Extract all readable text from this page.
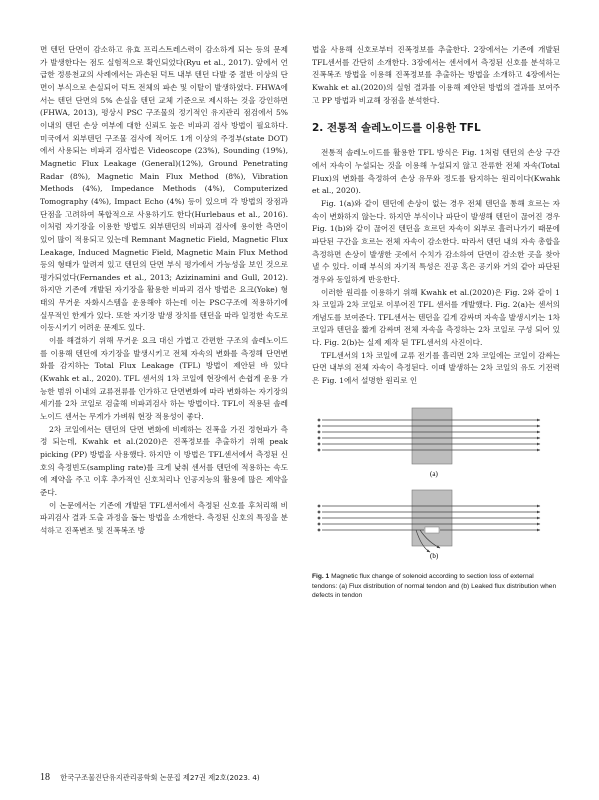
면 텐던 단면이 감소하고 유효 프리스트레스력이 감소하게 되는 등의 문제가 발생한다는 점도 실험적으로 확인되었다(Ryu et al., 2017). 앞에서 언급한 정릉천교의 사례에서는 과손된 덕트 내부 텐던 다발 중 절반 이상의 단면이 부식으로 손실되어 덕트 전체의 파손 및 이탈이 발생하였다. FHWA에서는 텐던 단면의 5% 손실을 텐던 교체 기준으로 제시하는 것을 강인하면(FHWA, 2013), 평상시 PSC 구조물의 정기적인 유지관리 점검에서 5% 이내의 텐던 손상 여부에 대한 신뢰도 높은 비파괴 검사 방법이 필요하다. 미국에서 외부텐던 구조물 검사에 적어도 1개 이상의 주정부(state DOT)에서 사용되는 비파괴 검사법은 Videoscope (23%), Sounding (19%), Magnetic Flux Leakage (General)(12%), Ground Penetrating Radar (8%), Magnetic Main Flux Method (8%), Vibration Methods (4%), Impedance Methods (4%), Computerized Tomography (4%), Impact Echo (4%) 등이 있으며 각 방법의 장점과 단점을 고려하여 복합적으로 사용하기도 한다(Hurlebaus et al., 2016). 이처럼 자기장을 이용한 방법도 외부텐던의 비파괴 검사에 용이한 측면이 있어 많이 적용되고 있는데 Remnant Magnetic Field, Magnetic Flux Leakage, Induced Magnetic Field, Magnetic Main Flux Method 등의 형태가 알려져 있고 텐던의 단면 부식 평가에서 가능성을 보인 것으로 평가되었다(Fernandes et al., 2013; Azizinamini and Gull, 2012). 하지만 기존에 개발된 자기장을 활용한 비파괴 검사 방법은 요크(Yoke) 형태의 무거운 자화시스템을 운용해야 하는데 이는 PSC구조에 적용하기에 실무적인 한계가 있다. 또한 자기장 발생 장치를 텐던을 따라 일정한 속도로 이동시키기 어려운 문제도 있다.

이를 해결하기 위해 무거운 요크 대신 가볍고 간편한 구조의 솔레노이드를 이용해 텐던에 자기장을 발생시키고 전체 자속의 변화를 측정해 단면변화를 감지하는 Total Flux Leakage (TFL) 방법이 제안된 바 있다(Kwahk et al., 2020). TFL 센서의 1차 코일에 현장에서 손쉽게 운용 가능한 범위 이내의 교류전류를 인가하고 단면변화에 따라 변화하는 자기장의 세기를 2차 코일로 검출해 비파괴검사 하는 방법이다. TFL이 적용된 솔레노이드 센서는 무게가 가벼워 현장 적용성이 좋다.

2차 코일에서는 텐던의 단면 변화에 비례하는 진폭을 가진 정현파가 측정 되는데, Kwahk et al.(2020)은 진폭정보를 추출하기 위해 peak picking (PP) 방법을 사용했다. 하지만 이 방법은 TFL센서에서 측정된 신호의 측정빈도(sampling rate)를 크게 낮춰 센서를 텐던에 적용하는 속도에 제약을 주고 이후 추가적인 신호처리나 인공지능의 활용에 많은 제약을 준다.

이 논문에서는 기존에 개발된 TFL센서에서 측정된 신호를 후처리해 비파괴검사 결과 도출 과정을 돕는 방법을 소개한다. 측정된 신호의 특징을 분석하고 진폭변조 및 진폭복조 방

법을 사용해 신호로부터 진폭정보를 추출한다. 2장에서는 기존에 개발된 TFL센서를 간단히 소개한다. 3장에서는 센서에서 측정된 신호를 분석하고 진폭복조 방법을 이용해 진폭정보를 추출하는 방법을 소개하고 4장에서는 Kwahk et al.(2020)의 실험 결과를 이용해 제안된 방법의 결과를 보여주고 PP 방법과 비교해 장점을 분석한다.

2. 전통적 솔레노이드를 이용한 TFL

전통적 솔레노이드를 활용한 TFL 방식은 Fig. 1처럼 텐던의 손상 구간에서 자속이 누설되는 것을 이용해 누설되지 않고 잔류한 전체 자속(Total Flux)의 변화를 측정하여 손상 유무와 정도를 탐지하는 원리이다(Kwahk et al., 2020).

Fig. 1(a)와 같이 텐던에 손상이 없는 경우 전체 텐던을 통해 흐르는 자속이 변화하지 않는다. 하지만 부식이나 파단이 발생해 텐던이 끊어진 경우 Fig. 1(b)와 같이 끊어진 텐던을 흐르던 자속이 외부로 흘러나가기 때문에 파단된 구간을 흐르는 전체 자속이 감소한다. 따라서 텐던 내의 자속 총합을 측정하면 손상이 발생한 곳에서 수치가 감소하여 단면이 감소한 곳을 찾아낼 수 있다. 이때 부식의 자기적 특성은 진공 혹은 공기와 거의 같아 파단된 경우와 동일하게 반응한다.

이러한 원리를 이용하기 위해 Kwahk et al.(2020)은 Fig. 2와 같이 1차 코일과 2차 코일로 이루어진 TFL 센서를 개발했다. Fig. 2(a)는 센서의 개념도를 보여준다. TFL센서는 텐던을 길게 감싸며 자속을 발생시키는 1차 코일과 텐던을 짧게 감싸며 전체 자속을 측정하는 2차 코일로 구성 되어 있다. Fig. 2(b)는 실제 제작 된 TFL센서의 사진이다.

TFL센서의 1차 코일에 교류 전기를 흘리면 2차 코일에는 코일이 감싸는 단면 내부의 전체 자속이 측정된다. 이때 발생하는 2차 코일의 유도 기전력은 Fig. 1에서 설명한 원리로 인

(a)
(b)
Fig. 1 Magnetic flux change of solenoid according to section loss of external tendons: (a) Flux distribution of normal tendon and (b) Leaked flux distribution when defects in tendon
18 한국구조물진단유지관리공학회 논문집 제27권 제2호(2023. 4)
